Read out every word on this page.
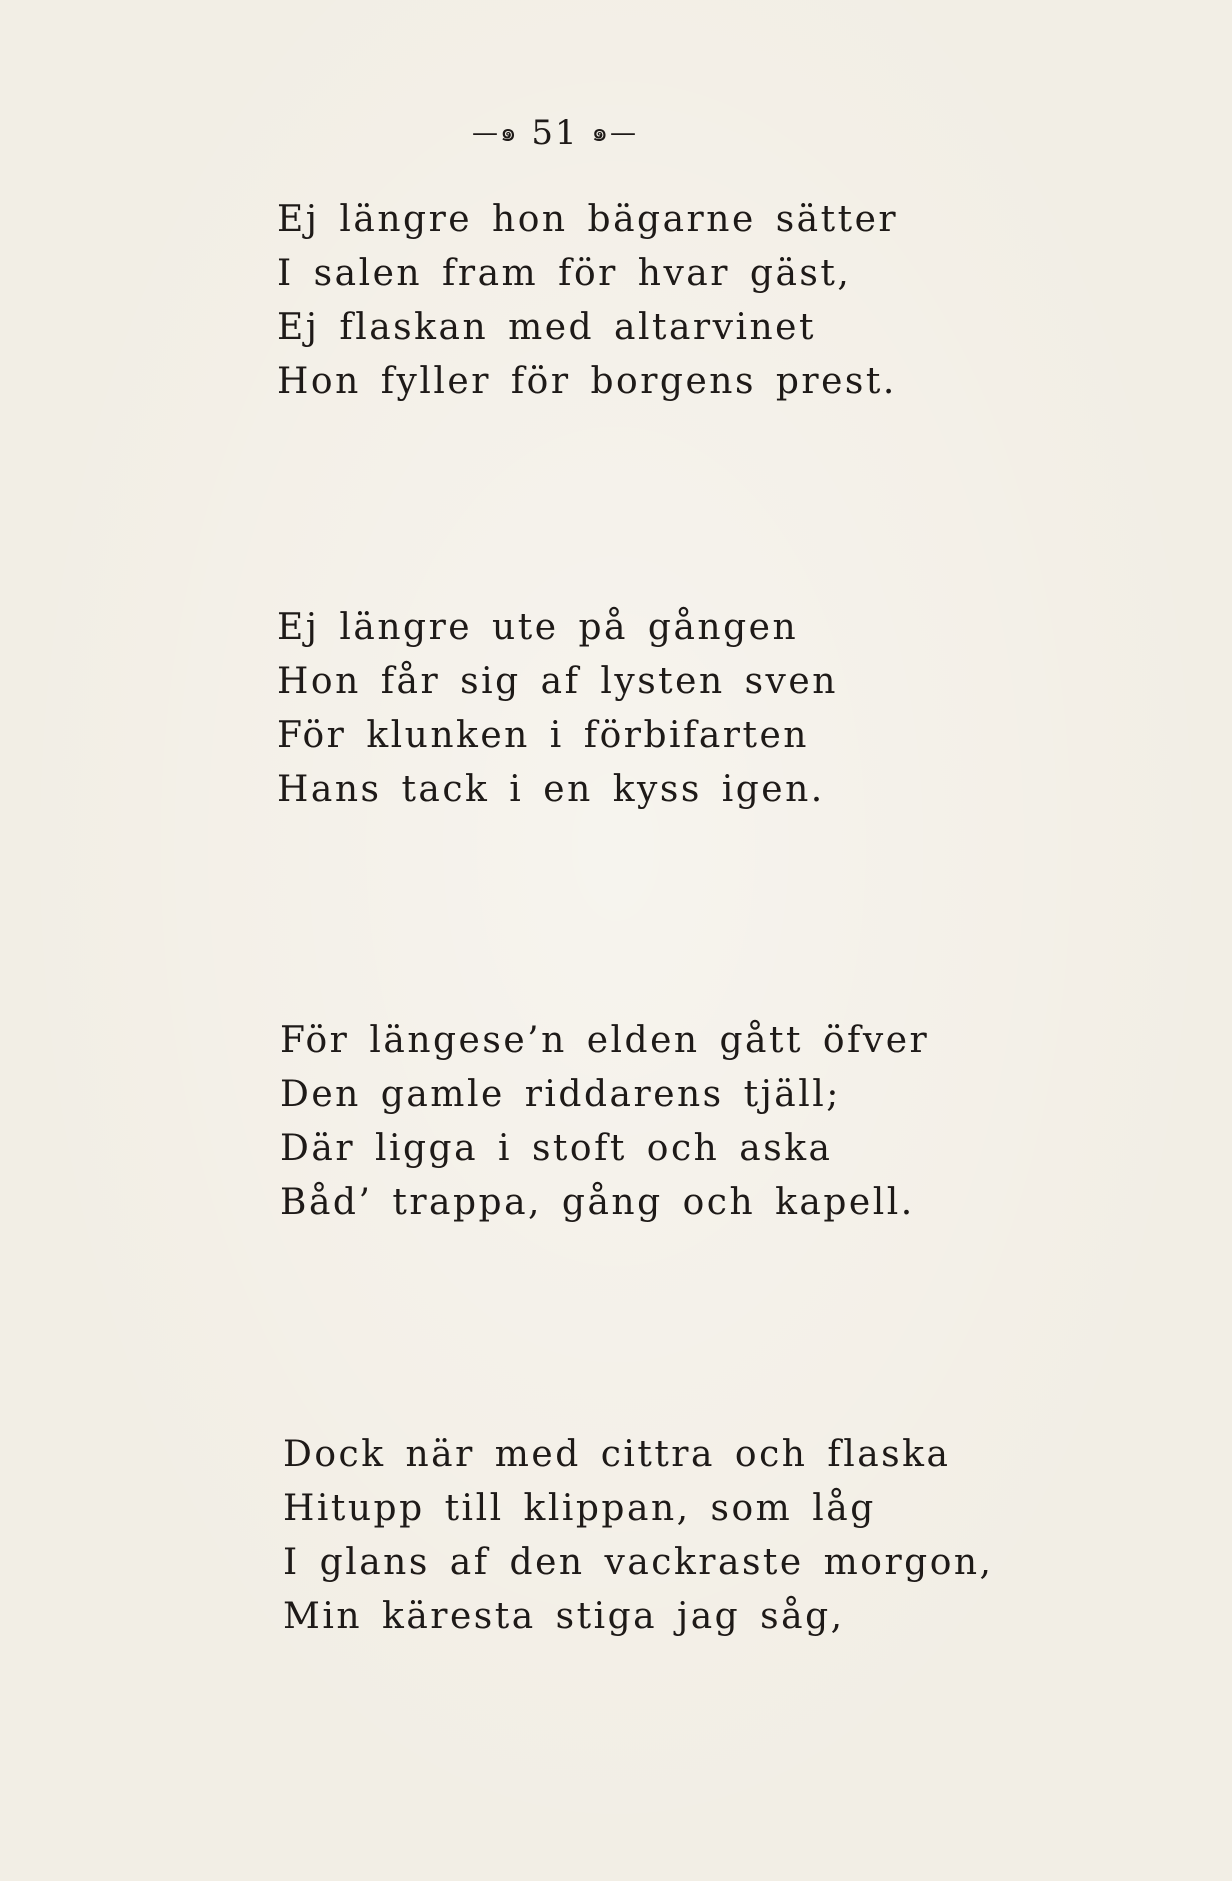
—๑ 51 ๑—
Ej längre hon bägarne sätter
I salen fram för hvar gäst,
Ej flaskan med altarvinet
Hon fyller för borgens prest.
Ej längre ute på gången
Hon får sig af lysten sven
För klunken i förbifarten
Hans tack i en kyss igen.
För längese’n elden gått öfver
Den gamle riddarens tjäll;
Där ligga i stoft och aska
Båd’ trappa, gång och kapell.
Dock när med cittra och flaska
Hitupp till klippan, som låg
I glans af den vackraste morgon,
Min käresta stiga jag såg,
